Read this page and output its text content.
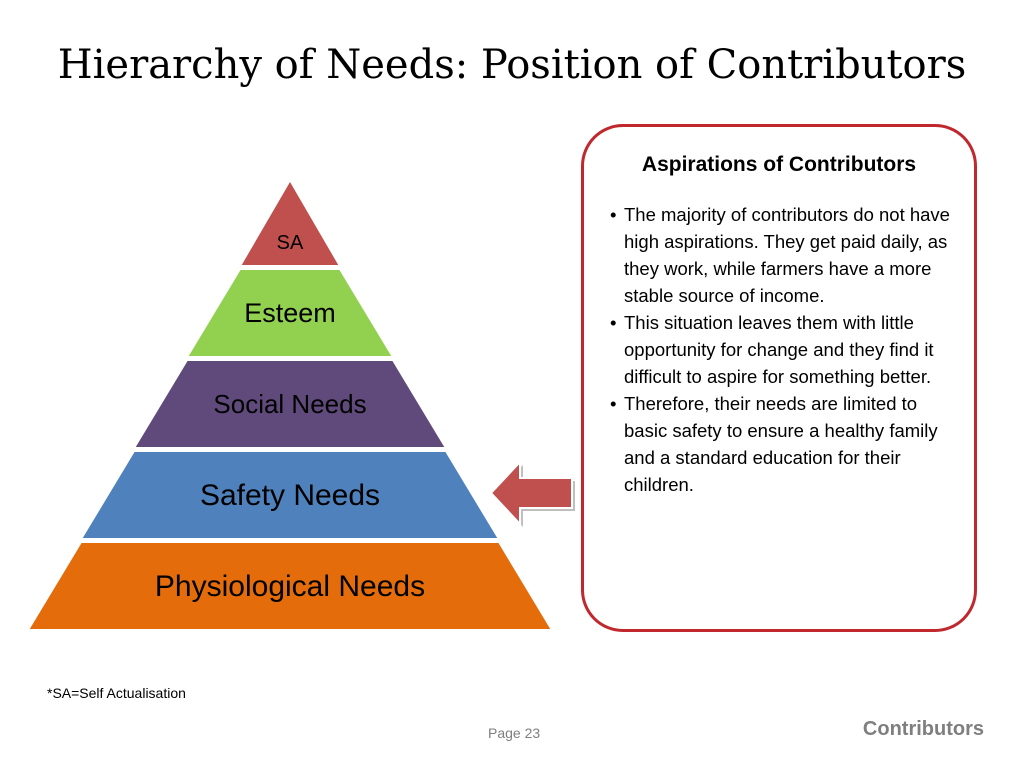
Hierarchy of Needs: Position of Contributors
SA
Esteem
Social Needs
Safety Needs
Physiological Needs
Aspirations of Contributors
• The majority of contributors do not have high aspirations. They get paid daily, as they work, while farmers have a more stable source of income.
• This situation leaves them with little opportunity for change and they find it difficult to aspire for something better.
• Therefore, their needs are limited to basic safety to ensure a healthy family and a standard education for their children.
*SA=Self Actualisation
Page 23	Contributors
